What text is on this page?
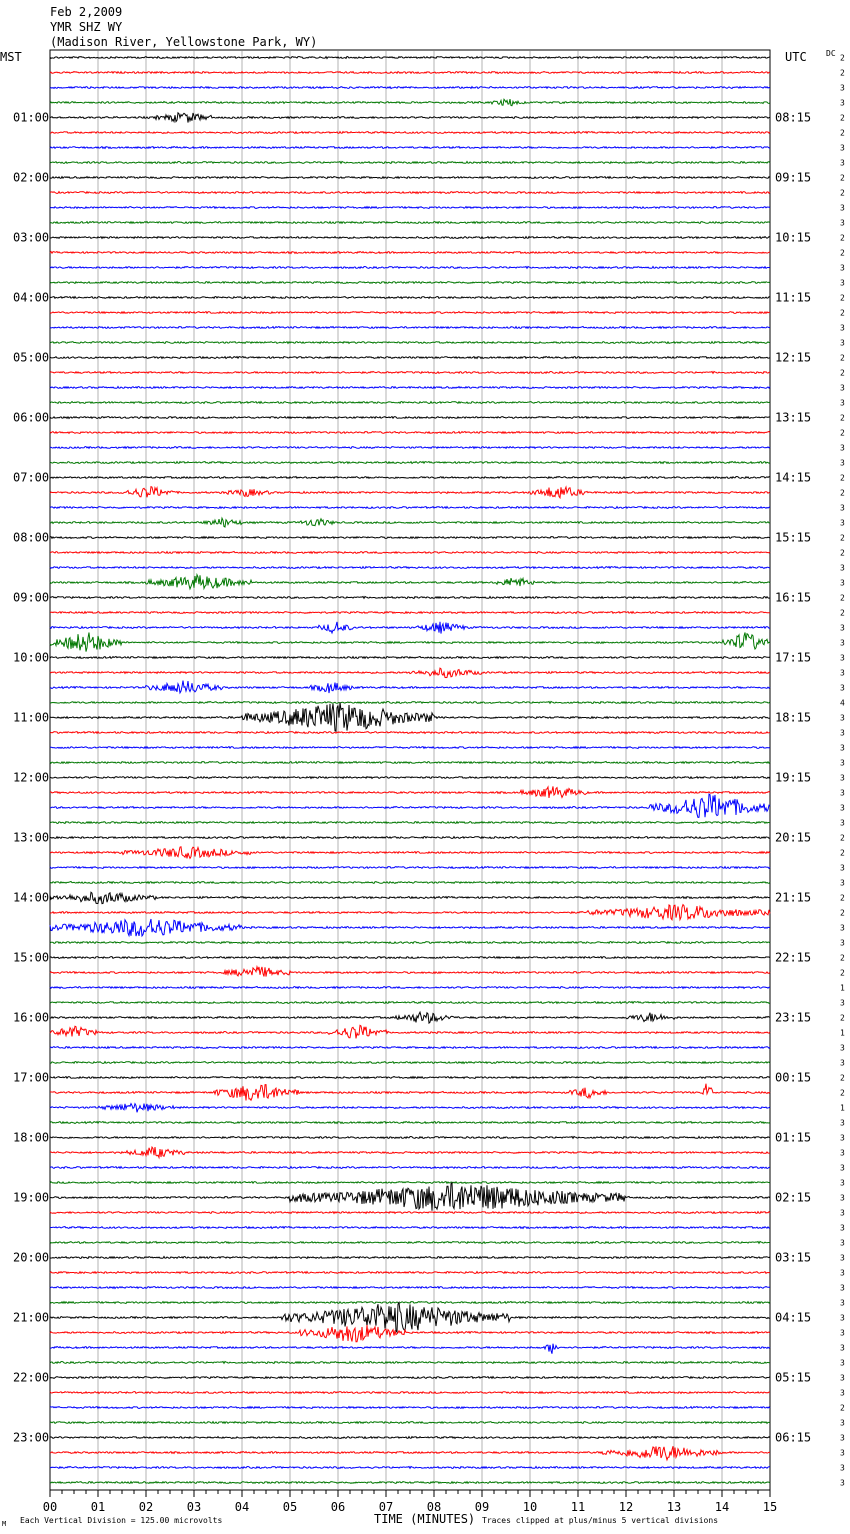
Feb 2,2009
YMR SHZ WY
(Madison River, Yellowstone Park, WY)
MST	UTC DC
01:00
02:00
03:00
04:00
05:00
06:00
07:00
08:00
09:00
10:00
11:00
12:00
13:00
14:00
15:00
16:00
17:00
18:00
19:00
20:00
21:00
22:00
23:00
08:15
09:15
10:15
11:15
12:15
13:15
14:15
15:15
16:15
17:15
18:15
19:15
20:15
21:15
22:15
23:15
00:15
01:15
02:15
03:15
04:15
05:15
06:15
2
2
3
3
2
2
3
3
2
2
3
3
2
2
3
3
2
2
3
3
2
2
3
3
2
2
3
3
2
2
3
3
2
2
3
3
2
2
3
3
3
3
3
4
3
3
3
3
3
3
3
3
2
2
3
3
2
2
3
3
2
2
1
3
2
1
3
3
2
2
1
3
3
3
3
3
3
3
3
3
3
3
3
3
3
3
3
3
3
3
2
3
3
3
3
3
00	01	02	03	04	05	06	07	08	09	10	11	12	13	14	15
M Each Vertical Division = 125.00 microvolts	TIME (MINUTES) Traces clipped at plus/minus 5 vertical divisions
